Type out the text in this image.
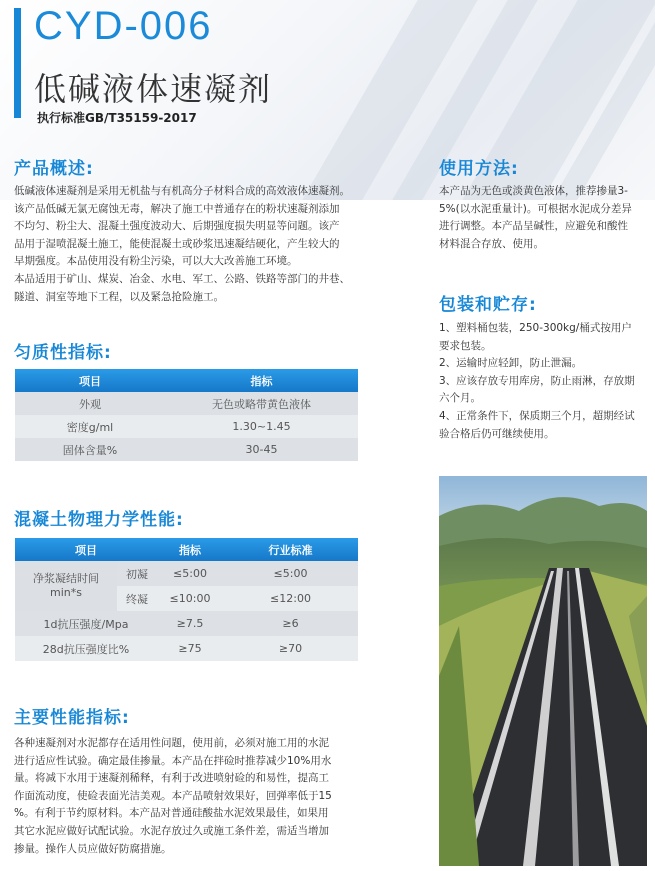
CYD-006
低碱液体速凝剂
执行标准GB/T35159-2017
产品概述:

低碱液体速凝剂是采用无机盐与有机高分子材料合成的高效液体速凝剂。

该产品低碱无氯无腐蚀无毒，解决了施工中普通存在的粉状速凝剂添加

不均匀、粉尘大、混凝土强度波动大、后期强度损失明显等问题。该产

品用于湿喷混凝土施工，能使混凝土或砂浆迅速凝结硬化，产生较大的

早期强度。本品使用没有粉尘污染，可以大大改善施工环境。

本品适用于矿山、煤炭、冶金、水电、军工、公路、铁路等部门的井巷、

隧道、洞室等地下工程，以及紧急抢险施工。

匀质性指标:
项目	指标
外观	无色或略带黄色液体
密度g/ml	1.30~1.45
固体含量%	30-45
混凝土物理力学性能:
项目		指标	行业标准

净浆凝结时间
min*s	初凝	≤5:00	≤5:00
	终凝	≤10:00	≤12:00
1d抗压强度/Mpa		≥7.5	≥6
28d抗压强度比%		≥75	≥70
主要性能指标:

各种速凝剂对水泥都存在适用性问题，使用前，必须对施工用的水泥

进行适应性试验。确定最佳掺量。本产品在拌硷时推荐减少10%用水

量。将减下水用于速凝剂稀释，有利于改进喷射硷的和易性，提高工

作面流动度，使硷表面光洁美观。本产品喷射效果好，回弹率低于15

%。有利于节约原材料。本产品对普通硅酸盐水泥效果最佳，如果用

其它水泥应做好试配试验。水泥存放过久或施工条件差，需适当增加

掺量。操作人员应做好防腐措施。

使用方法:

本产品为无色或淡黄色液体，推荐掺量3-

5%(以水泥重量计)。可根据水泥成分差异

进行调整。本产品呈碱性，应避免和酸性

材料混合存放、使用。

包装和贮存:

1、塑料桶包装，250-300kg/桶式按用户

要求包装。

2、运输时应轻卸，防止泄漏。

3、应该存放专用库房，防止雨淋，存放期

六个月。

4、正常条件下，保质期三个月，超期经试

验合格后仍可继续使用。
